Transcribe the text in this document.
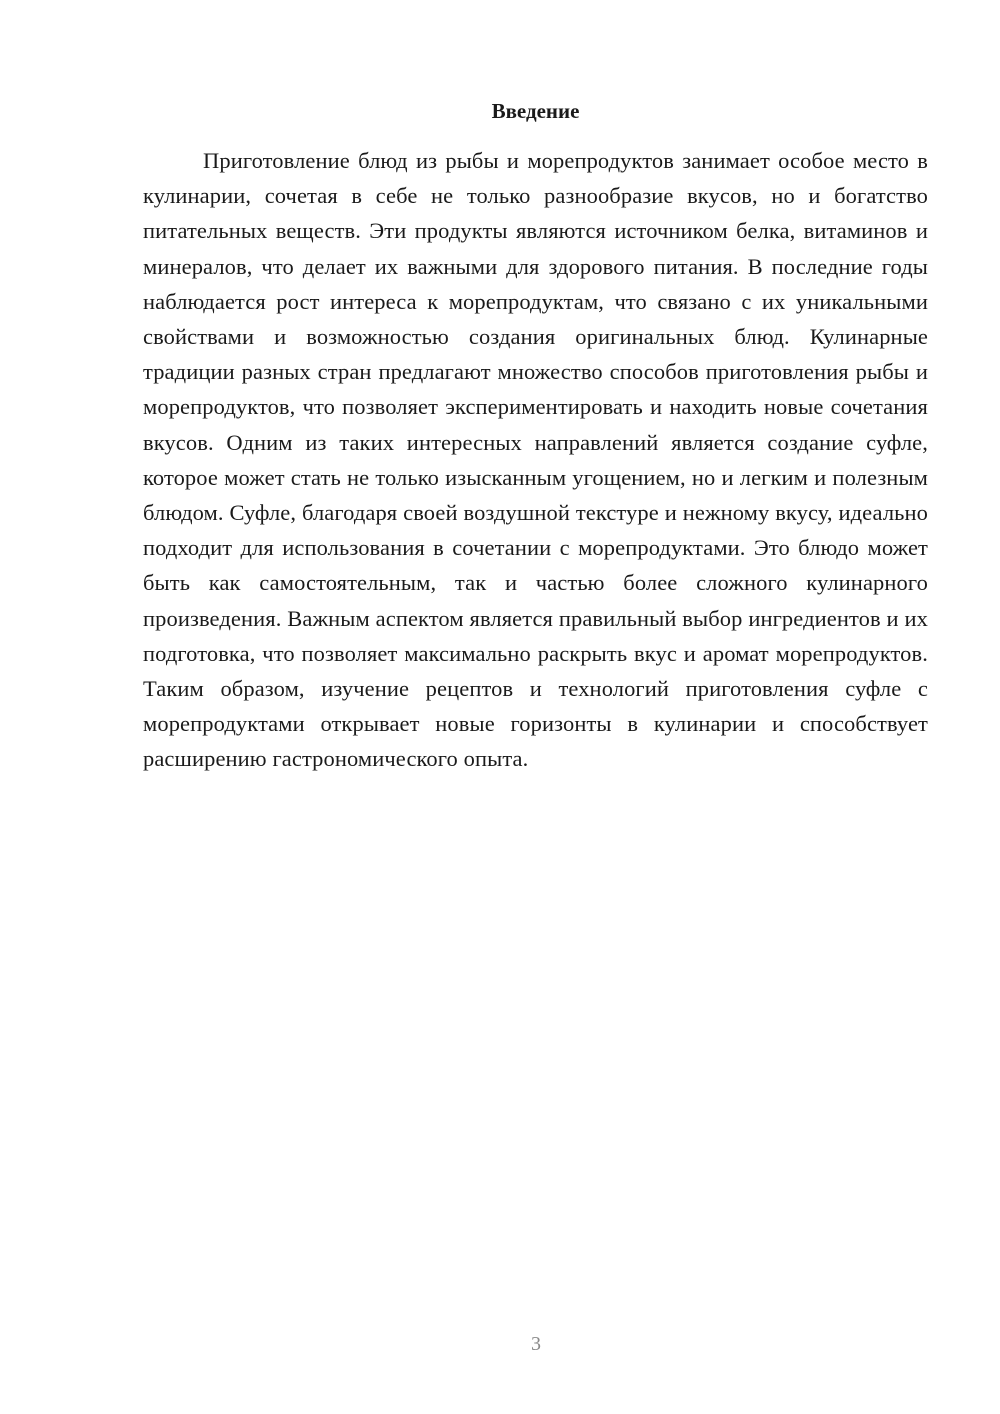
Введение

Приготовление блюд из рыбы и морепродуктов занимает особое место в кулинарии, сочетая в себе не только разнообразие вкусов, но и богатство питательных веществ. Эти продукты являются источником белка, витаминов и минералов, что делает их важными для здорового питания. В последние годы наблюдается рост интереса к морепродуктам, что связано с их уникальными свойствами и возможностью создания оригинальных блюд. Кулинарные традиции разных стран предлагают множество способов приготовления рыбы и морепродуктов, что позволяет экспериментировать и находить новые сочетания вкусов. Одним из таких интересных направлений является создание суфле, которое может стать не только изысканным угощением, но и легким и полезным блюдом. Суфле, благодаря своей воздушной текстуре и нежному вкусу, идеально подходит для использования в сочетании с морепродуктами. Это блюдо может быть как самостоятельным, так и частью более сложного кулинарного произведения. Важным аспектом является правильный выбор ингредиентов и их подготовка, что позволяет максимально раскрыть вкус и аромат морепродуктов. Таким образом, изучение рецептов и технологий приготовления суфле с морепродуктами открывает новые горизонты в кулинарии и способствует расширению гастрономического опыта.

3
